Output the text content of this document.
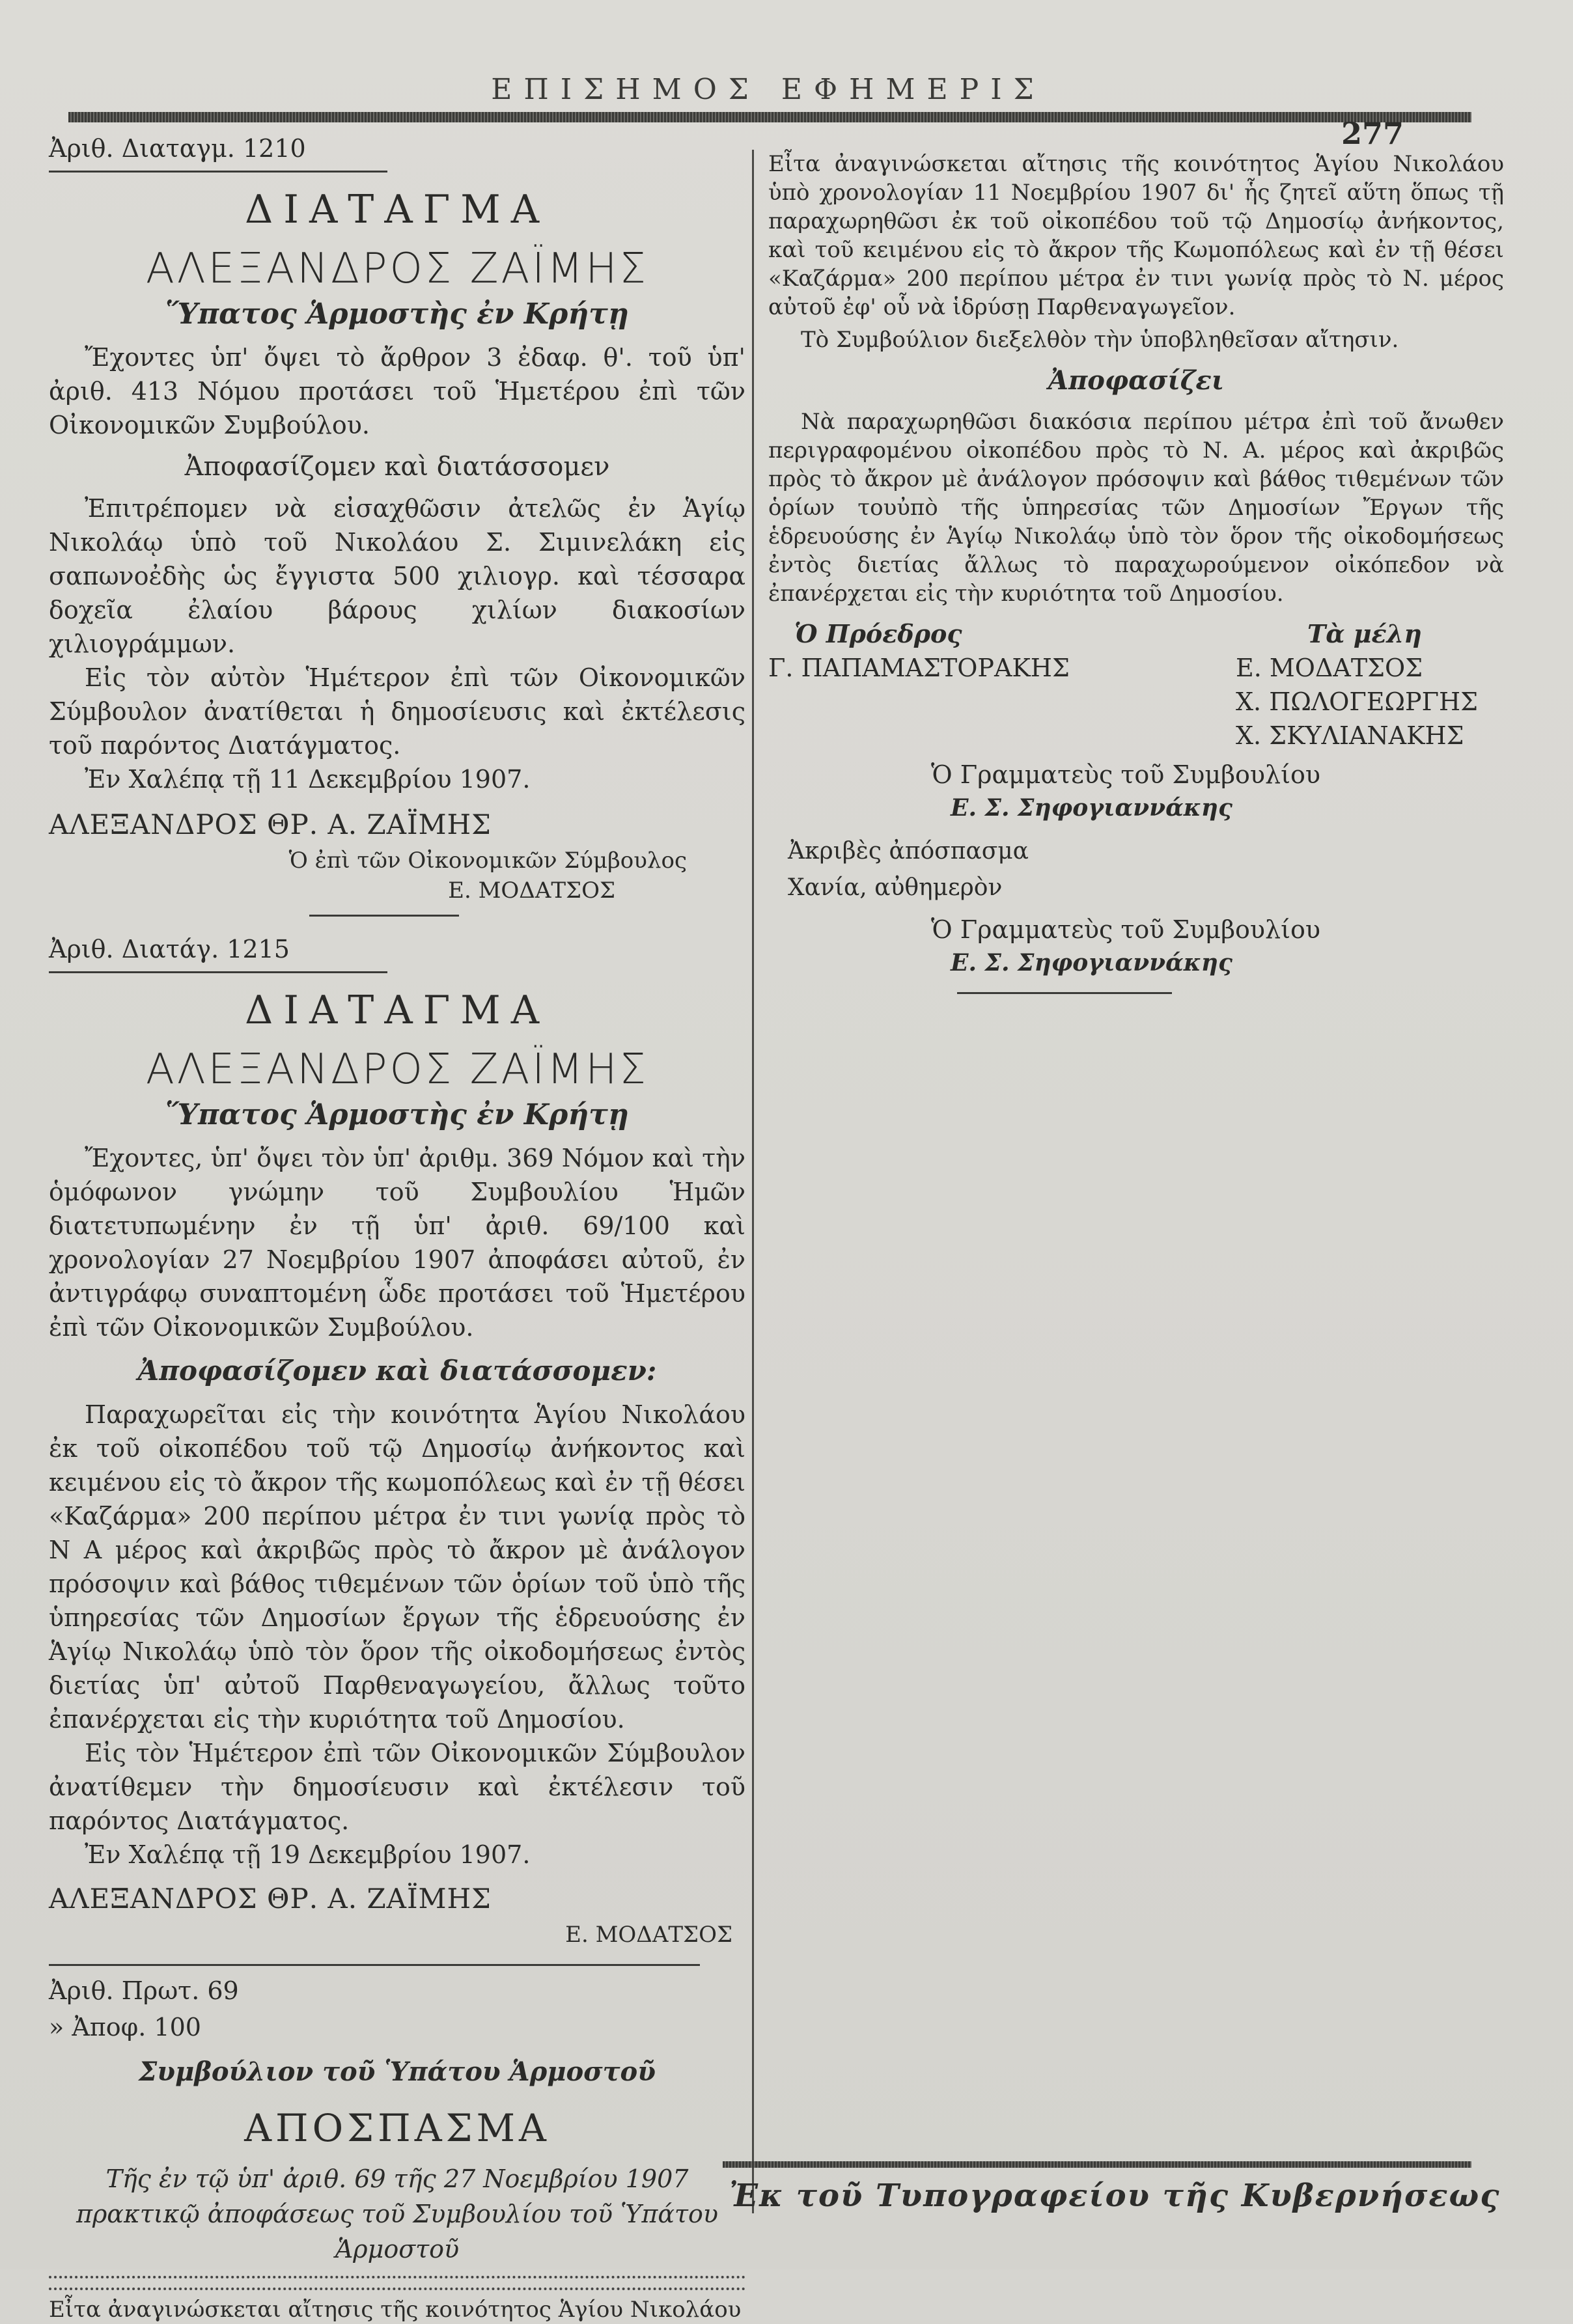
ΕΠΙΣΗΜΟΣ ΕΦΗΜΕΡΙΣ
277
Ἀριθ. Διαταγμ. 1210
ΔΙΑΤΑΓΜΑ
ΑΛΕΞΑΝΔΡΟΣ ΖΑΪΜΗΣ
Ὕπατος Ἁρμοστὴς ἐν Κρήτῃ

Ἔχοντες ὑπ' ὄψει τὸ ἄρθρον 3 ἐδαφ. θ'. τοῦ ὑπ' ἀριθ. 413 Νόμου προτάσει τοῦ Ἡμετέρου ἐπὶ τῶν Οἰκονομικῶν Συμβούλου.

Ἀποφασίζομεν καὶ διατάσσομεν

Ἐπιτρέπομεν νὰ εἰσαχθῶσιν ἀτελῶς ἐν Ἁγίῳ Νικολάῳ ὑπὸ τοῦ Νικολάου Σ. Σιμινελάκη εἰς σαπωνοἐδὴς ὡς ἔγγιστα 500 χιλιογρ. καὶ τέσσαρα δοχεῖα ἐλαίου βάρους χιλίων διακοσίων χιλιογράμμων.

Εἰς τὸν αὐτὸν Ἡμέτερον ἐπὶ τῶν Οἰκονομικῶν Σύμβουλον ἀνατίθεται ἡ δημοσίευσις καὶ ἐκτέλεσις τοῦ παρόντος Διατάγματος.

Ἐν Χαλέπᾳ τῇ 11 Δεκεμβρίου 1907.

ΑΛΕΞΑΝΔΡΟΣ ΘΡ. Α. ΖΑΪΜΗΣ
Ὁ ἐπὶ τῶν Οἰκονομικῶν Σύμβουλος
Ε. ΜΟΔΑΤΣΟΣ
Ἀριθ. Διατάγ. 1215
ΔΙΑΤΑΓΜΑ
ΑΛΕΞΑΝΔΡΟΣ ΖΑΪΜΗΣ
Ὕπατος Ἁρμοστὴς ἐν Κρήτῃ

Ἔχοντες, ὑπ' ὄψει τὸν ὑπ' ἀριθμ. 369 Νόμον καὶ τὴν ὁμόφωνον γνώμην τοῦ Συμβουλίου Ἡμῶν διατετυπωμένην ἐν τῇ ὑπ' ἀριθ. 69/100 καὶ χρονολογίαν 27 Νοεμβρίου 1907 ἀποφάσει αὐτοῦ, ἐν ἀντιγράφῳ συναπτομένη ὧδε προτάσει τοῦ Ἡμετέρου ἐπὶ τῶν Οἰκονομικῶν Συμβούλου.

Ἀποφασίζομεν καὶ διατάσσομεν:

Παραχωρεῖται εἰς τὴν κοινότητα Ἁγίου Νικολάου ἐκ τοῦ οἰκοπέδου τοῦ τῷ Δημοσίῳ ἀνήκοντος καὶ κειμένου εἰς τὸ ἄκρον τῆς κωμοπόλεως καὶ ἐν τῇ θέσει «Καζάρμα» 200 περίπου μέτρα ἐν τινι γωνίᾳ πρὸς τὸ Ν Α μέρος καὶ ἀκριβῶς πρὸς τὸ ἄκρον μὲ ἀνάλογον πρόσοψιν καὶ βάθος τιθεμένων τῶν ὁρίων τοῦ ὑπὸ τῆς ὑπηρεσίας τῶν Δημοσίων ἔργων τῆς ἑδρευούσης ἐν Ἁγίῳ Νικολάῳ ὑπὸ τὸν ὅρον τῆς οἰκοδομήσεως ἐντὸς διετίας ὑπ' αὐτοῦ Παρθεναγωγείου, ἄλλως τοῦτο ἐπανέρχεται εἰς τὴν κυριότητα τοῦ Δημοσίου.

Εἰς τὸν Ἡμέτερον ἐπὶ τῶν Οἰκονομικῶν Σύμβουλον ἀνατίθεμεν τὴν δημοσίευσιν καὶ ἐκτέλεσιν τοῦ παρόντος Διατάγματος.

Ἐν Χαλέπᾳ τῇ 19 Δεκεμβρίου 1907.

ΑΛΕΞΑΝΔΡΟΣ ΘΡ. Α. ΖΑΪΜΗΣ
Ε. ΜΟΔΑΤΣΟΣ
Ἀριθ. Πρωτ. 69
» Ἀποφ. 100
Συμβούλιον τοῦ Ὑπάτου Ἁρμοστοῦ
ΑΠΟΣΠΑΣΜΑ
Τῆς ἐν τῷ ὑπ' ἀριθ. 69 τῆς 27 Νοεμβρίου 1907 πρακτικῷ ἀποφάσεως τοῦ Συμβουλίου τοῦ Ὑπάτου Ἁρμοστοῦ
Εἶτα ἀναγινώσκεται αἴτησις τῆς κοινότητος Ἁγίου Νικολάου

Εἶτα ἀναγινώσκεται αἴτησις τῆς κοινότητος Ἁγίου Νικολάου ὑπὸ χρονολογίαν 11 Νοεμβρίου 1907 δι' ἧς ζητεῖ αὕτη ὅπως τῇ παραχωρηθῶσι ἐκ τοῦ οἰκοπέδου τοῦ τῷ Δημοσίῳ ἀνήκοντος, καὶ τοῦ κειμένου εἰς τὸ ἄκρον τῆς Κωμοπόλεως καὶ ἐν τῇ θέσει «Καζάρμα» 200 περίπου μέτρα ἐν τινι γωνίᾳ πρὸς τὸ Ν. μέρος αὐτοῦ ἐφ' οὗ νὰ ἱδρύσῃ Παρθεναγωγεῖον.

Τὸ Συμβούλιον διεξελθὸν τὴν ὑποβληθεῖσαν αἴτησιν.

Ἀποφασίζει

Νὰ παραχωρηθῶσι διακόσια περίπου μέτρα ἐπὶ τοῦ ἄνωθεν περιγραφομένου οἰκοπέδου πρὸς τὸ Ν. Α. μέρος καὶ ἀκριβῶς πρὸς τὸ ἄκρον μὲ ἀνάλογον πρόσοψιν καὶ βάθος τιθεμένων τῶν ὁρίων τουὐπὸ τῆς ὑπηρεσίας τῶν Δημοσίων Ἔργων τῆς ἑδρευούσης ἐν Ἁγίῳ Νικολάῳ ὑπὸ τὸν ὅρον τῆς οἰκοδομήσεως ἐντὸς διετίας ἄλλως τὸ παραχωρούμενον οἰκόπεδον νὰ ἐπανέρχεται εἰς τὴν κυριότητα τοῦ Δημοσίου.

Ὁ Πρόεδρος
Γ. ΠΑΠΑΜΑΣΤΟΡΑΚΗΣ
Τὰ μέλη
Ε. ΜΟΔΑΤΣΟΣ
Χ. ΠΩΛΟΓΕΩΡΓΗΣ
Χ. ΣΚΥΛΙΑΝΑΚΗΣ
Ὁ Γραμματεὺς τοῦ Συμβουλίου
Ε. Σ. Σηφογιαννάκης
Ἀκριβὲς ἀπόσπασμα
Χανία, αὐθημερὸν
Ὁ Γραμματεὺς τοῦ Συμβουλίου
Ε. Σ. Σηφογιαννάκης
Ἐκ τοῦ Τυπογραφείου τῆς Κυβερνήσεως
